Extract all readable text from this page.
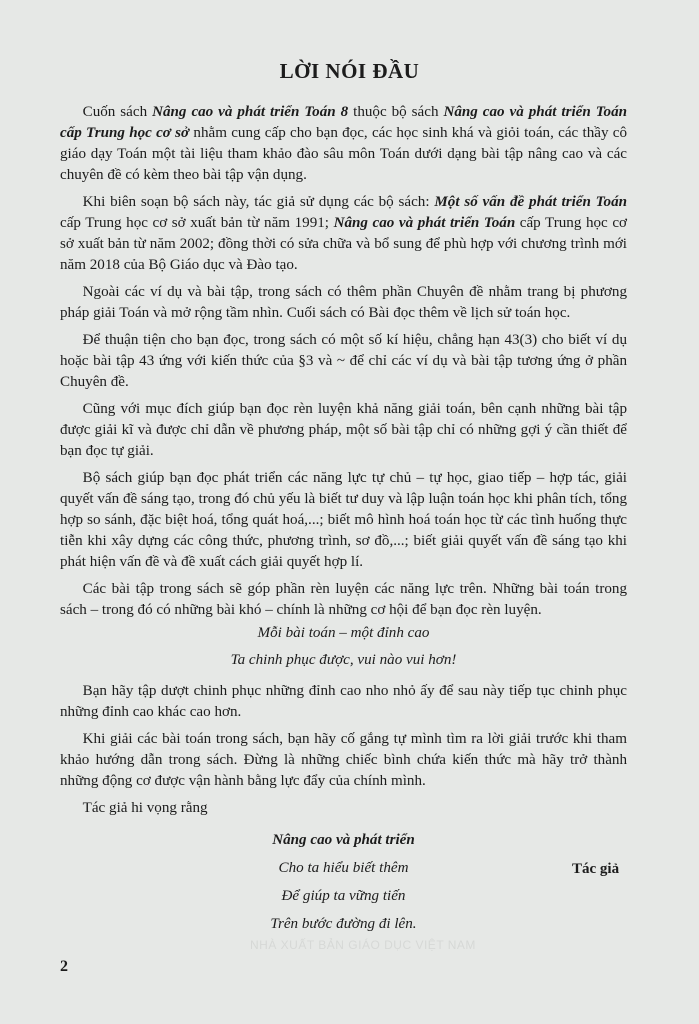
NHÀ XUẤT BẢN GIÁO DỤC VIỆT NAM
LỜI NÓI ĐẦU

  Cuốn sách Nâng cao và phát triển Toán 8 thuộc bộ sách Nâng cao và phát triển Toán cấp Trung học cơ sở nhằm cung cấp cho bạn đọc, các học sinh khá và giỏi toán, các thầy cô giáo dạy Toán một tài liệu tham khảo đào sâu môn Toán dưới dạng bài tập nâng cao và các chuyên đề có kèm theo bài tập vận dụng.

  Khi biên soạn bộ sách này, tác giả sử dụng các bộ sách: Một số vấn đề phát triển Toán cấp Trung học cơ sở xuất bản từ năm 1991; Nâng cao và phát triển Toán cấp Trung học cơ sở xuất bản từ năm 2002; đồng thời có sửa chữa và bổ sung để phù hợp với chương trình mới năm 2018 của Bộ Giáo dục và Đào tạo.

  Ngoài các ví dụ và bài tập, trong sách có thêm phần Chuyên đề nhằm trang bị phương pháp giải Toán và mở rộng tầm nhìn. Cuối sách có Bài đọc thêm về lịch sử toán học.

  Để thuận tiện cho bạn đọc, trong sách có một số kí hiệu, chẳng hạn 43(3) cho biết ví dụ hoặc bài tập 43 ứng với kiến thức của §3 và ~ để chỉ các ví dụ và bài tập tương ứng ở phần Chuyên đề.

  Cũng với mục đích giúp bạn đọc rèn luyện khả năng giải toán, bên cạnh những bài tập được giải kĩ và được chỉ dẫn về phương pháp, một số bài tập chỉ có những gợi ý cần thiết để bạn đọc tự giải.

  Bộ sách giúp bạn đọc phát triển các năng lực tự chủ – tự học, giao tiếp – hợp tác, giải quyết vấn đề sáng tạo, trong đó chủ yếu là biết tư duy và lập luận toán học khi phân tích, tổng hợp so sánh, đặc biệt hoá, tổng quát hoá,...; biết mô hình hoá toán học từ các tình huống thực tiễn khi xây dựng các công thức, phương trình, sơ đồ,...; biết giải quyết vấn đề sáng tạo khi phát hiện vấn đề và đề xuất cách giải quyết hợp lí.

  Các bài tập trong sách sẽ góp phần rèn luyện các năng lực trên. Những bài toán trong sách – trong đó có những bài khó – chính là những cơ hội để bạn đọc rèn luyện.

Mỗi bài toán – một đỉnh cao

Ta chinh phục được, vui nào vui hơn!

  Bạn hãy tập dượt chinh phục những đỉnh cao nho nhỏ ấy để sau này tiếp tục chinh phục những đỉnh cao khác cao hơn.

  Khi giải các bài toán trong sách, bạn hãy cố gắng tự mình tìm ra lời giải trước khi tham khảo hướng dẫn trong sách. Đừng là những chiếc bình chứa kiến thức mà hãy trở thành những động cơ được vận hành bằng lực đẩy của chính mình.

  Tác giả hi vọng rằng

Nâng cao và phát triển

Cho ta hiểu biết thêm

Để giúp ta vững tiến

Trên bước đường đi lên.

Tác giả
2
